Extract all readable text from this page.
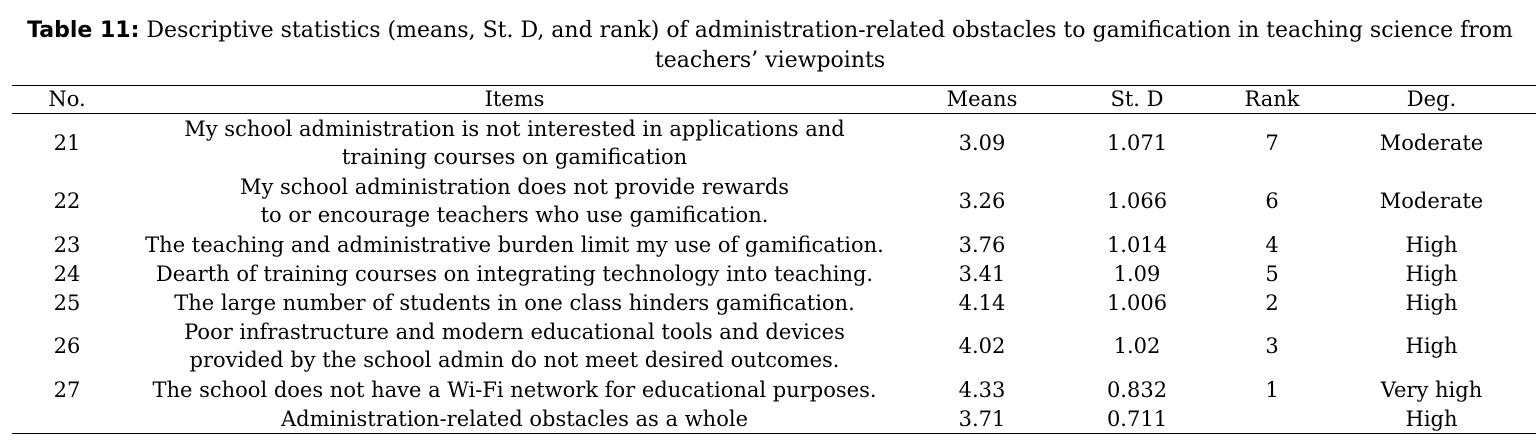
Table 11: Descriptive statistics (means, St. D, and rank) of administration-related obstacles to gamification in teaching science from teachers’ viewpoints
No.	Items	Means	St. D	Rank	Deg.
21	My school administration is not interested in applications and training courses on gamification	3.09	1.071	7	Moderate
22	My school administration does not provide rewards to or encourage teachers who use gamification.	3.26	1.066	6	Moderate
23	The teaching and administrative burden limit my use of gamification.	3.76	1.014	4	High
24	Dearth of training courses on integrating technology into teaching.	3.41	1.09	5	High
25	The large number of students in one class hinders gamification.	4.14	1.006	2	High
26	Poor infrastructure and modern educational tools and devices provided by the school admin do not meet desired outcomes.	4.02	1.02	3	High
27	The school does not have a Wi-Fi network for educational purposes.	4.33	0.832	1	Very high
	Administration-related obstacles as a whole	3.71	0.711		High
